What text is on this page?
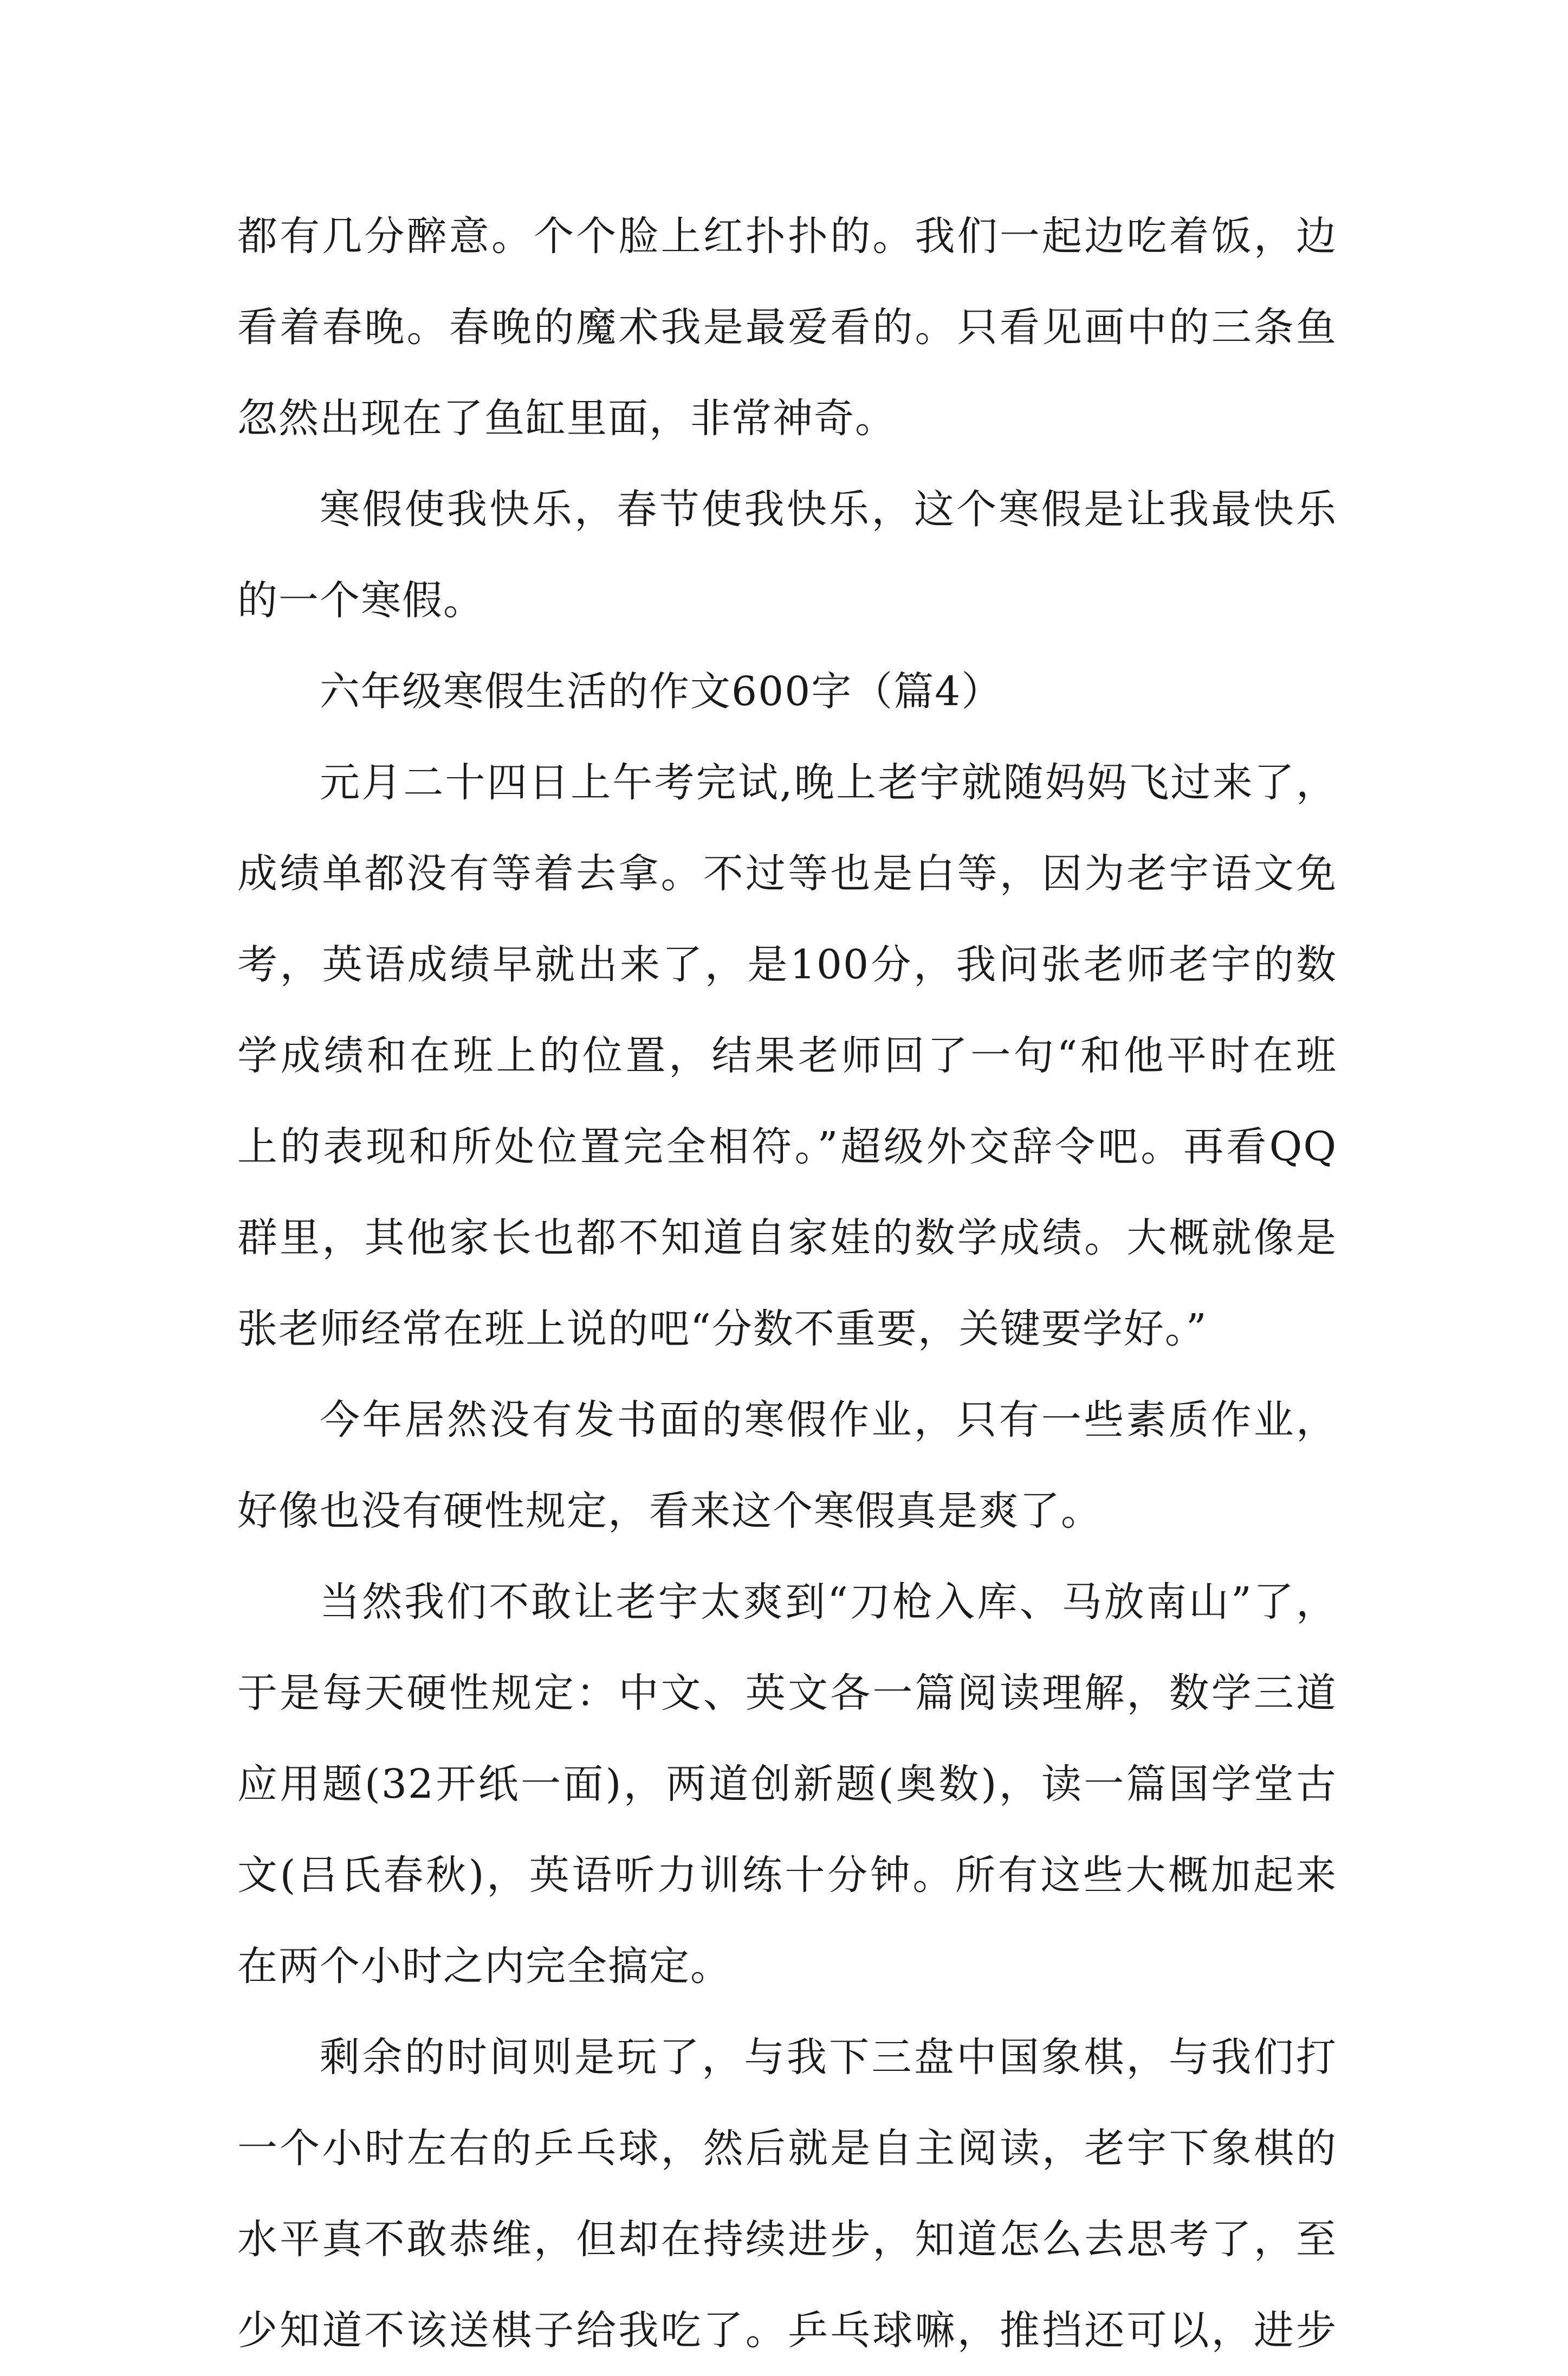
都有几分醉意。个个脸上红扑扑的。我们一起边吃着饭，边
看着春晚。春晚的魔术我是最爱看的。只看见画中的三条鱼
忽然出现在了鱼缸里面，非常神奇。
寒假使我快乐，春节使我快乐，这个寒假是让我最快乐
的一个寒假。
六年级寒假生活的作文600字（篇4）
元月二十四日上午考完试,晚上老宇就随妈妈飞过来了，
成绩单都没有等着去拿。不过等也是白等，因为老宇语文免
考，英语成绩早就出来了，是100分，我问张老师老宇的数
学成绩和在班上的位置，结果老师回了一句“和他平时在班
上的表现和所处位置完全相符。”超级外交辞令吧。再看QQ
群里，其他家长也都不知道自家娃的数学成绩。大概就像是
张老师经常在班上说的吧“分数不重要，关键要学好。”
今年居然没有发书面的寒假作业，只有一些素质作业，
好像也没有硬性规定，看来这个寒假真是爽了。
当然我们不敢让老宇太爽到“刀枪入库、马放南山”了，
于是每天硬性规定：中文、英文各一篇阅读理解，数学三道
应用题(32开纸一面)，两道创新题(奥数)，读一篇国学堂古
文(吕氏春秋)，英语听力训练十分钟。所有这些大概加起来
在两个小时之内完全搞定。
剩余的时间则是玩了，与我下三盘中国象棋，与我们打
一个小时左右的乒乓球，然后就是自主阅读，老宇下象棋的
水平真不敢恭维，但却在持续进步，知道怎么去思考了，至
少知道不该送棋子给我吃了。乒乓球嘛，推挡还可以，进步
